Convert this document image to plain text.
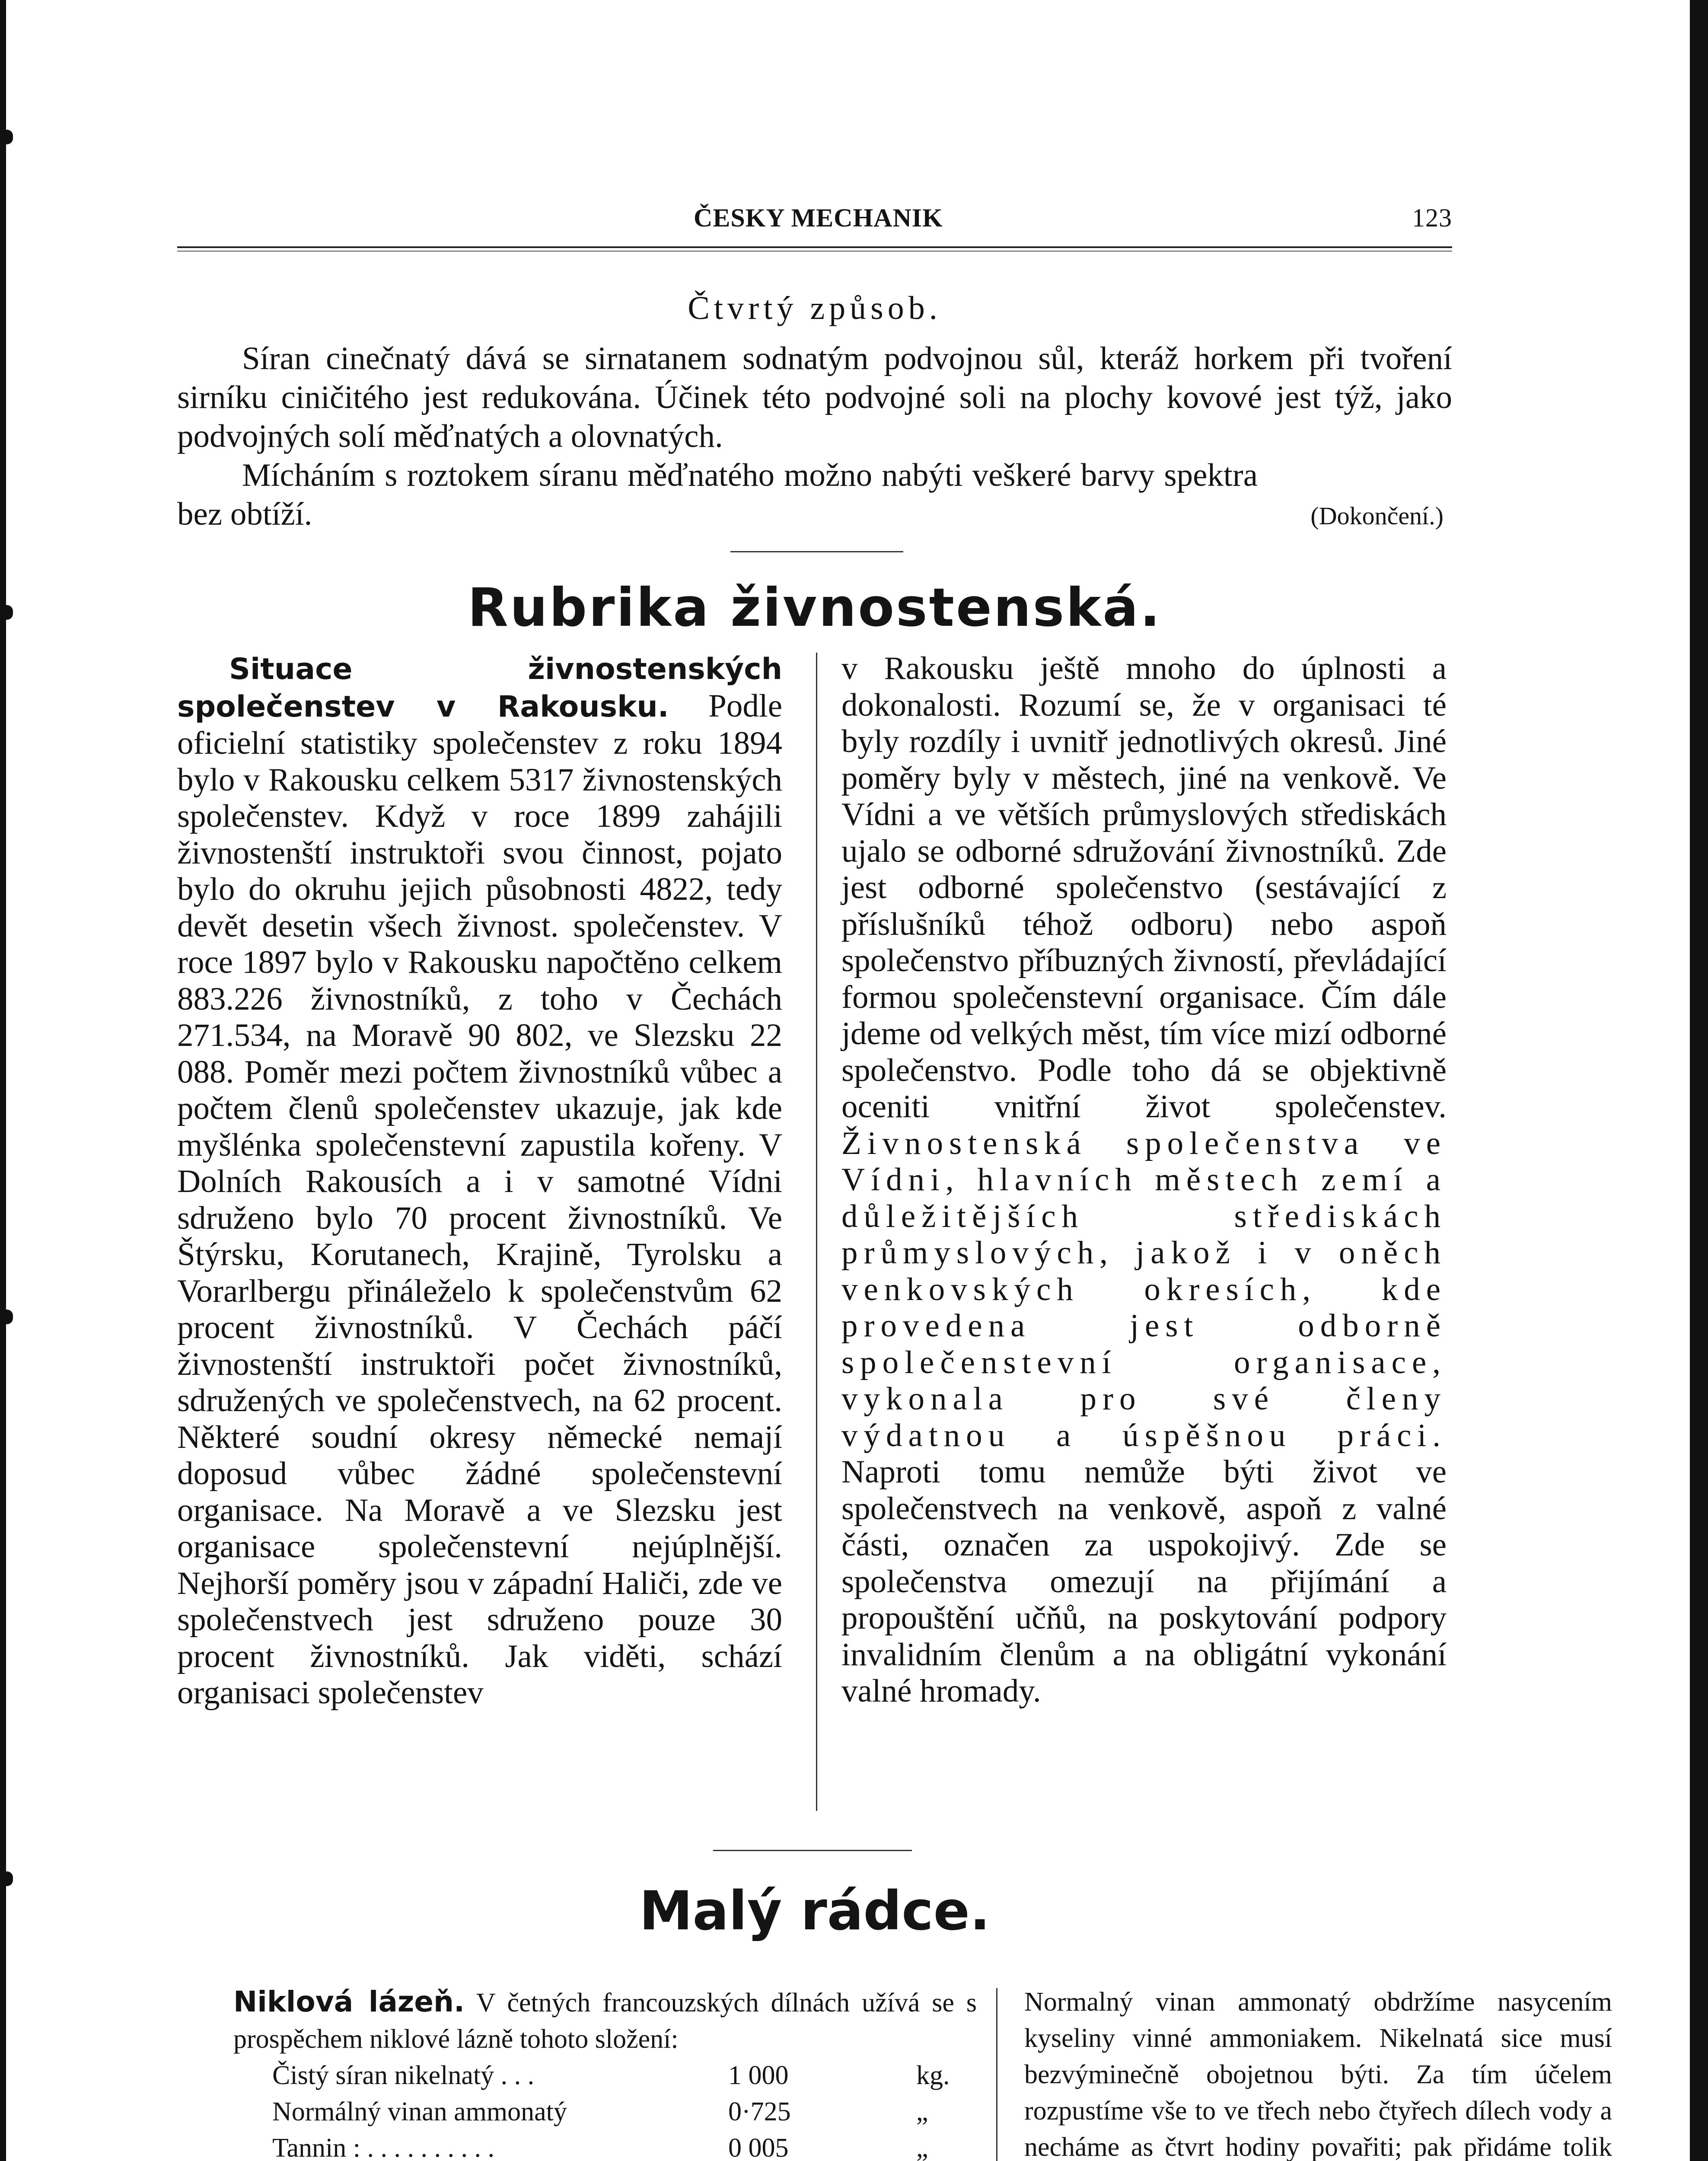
ČESKY MECHANIK	123
Čtvrtý způsob.
Síran cinečnatý dává se sirnatanem sodnatým podvojnou sůl, kteráž horkem při tvoření sirníku ciničitého jest redukována. Účinek této podvojné soli na plochy kovové jest týž, jako podvojných solí měďnatých a olovnatých.
Mícháním s roztokem síranu měďnatého možno nabýti veškeré barvy spektra bez obtíží.	(Dokončení.)
Rubrika živnostenská.

Situace živnostenských společenstev v Rakousku. Podle oficielní statistiky společenstev z roku 1894 bylo v Rakousku celkem 5317 živnostenských společenstev. Když v roce 1899 zahájili živnostenští instruktoři svou činnost, pojato bylo do okruhu jejich působnosti 4822, tedy devět desetin všech živnost. společenstev. V roce 1897 bylo v Rakousku napočtěno celkem 883.226 živnostníků, z toho v Čechách 271.534, na Moravě 90 802, ve Slezsku 22 088. Poměr mezi počtem živnostníků vůbec a počtem členů společenstev ukazuje, jak kde myšlénka společenstevní zapustila kořeny. V Dolních Rakousích a i v samotné Vídni sdruženo bylo 70 procent živnostníků. Ve Štýrsku, Korutanech, Krajině, Tyrolsku a Vorarlbergu přináleželo k společenstvům 62 procent živnostníků. V Čechách páčí živnostenští instruktoři počet živnostníků, sdružených ve společenstvech, na 62 procent. Některé soudní okresy německé nemají doposud vůbec žádné společenstevní organisace. Na Moravě a ve Slezsku jest organisace společenstevní nejúplnější. Nejhorší poměry jsou v západní Haliči, zde ve společenstvech jest sdruženo pouze 30 procent živnostníků. Jak viděti, schází organisaci společenstev

v Rakousku ještě mnoho do úplnosti a dokonalosti. Rozumí se, že v organisaci té byly rozdíly i uvnitř jednotlivých okresů. Jiné poměry byly v městech, jiné na venkově. Ve Vídni a ve větších průmyslových střediskách ujalo se odborné sdružování živnostníků. Zde jest odborné společenstvo (sestávající z příslušníků téhož odboru) nebo aspoň společenstvo příbuzných živností, převládající formou společenstevní organisace. Čím dále jdeme od velkých měst, tím více mizí odborné společenstvo. Podle toho dá se objektivně oceniti vnitřní život společenstev. Živnostenská společenstva ve Vídni, hlavních městech zemí a důležitějších střediskách průmyslových, jakož i v oněch venkovských okresích, kde provedena jest odborně společenstevní organisace, vykonala pro své členy výdatnou a úspěšnou práci. Naproti tomu nemůže býti život ve společenstvech na venkově, aspoň z valné části, označen za uspokojivý. Zde se společenstva omezují na přijímání a propouštění učňů, na poskytování podpory invalidním členům a na obligátní vykonání valné hromady.

Malý rádce.
Niklová lázeň. V četných francouzských dílnách užívá se s prospěchem niklové lázně tohoto složení:
Čistý síran nikelnatý . . .	1 000	kg.
Normálný vinan ammonatý	0·725	„
Tannin : . . . . . . . . . .	0 005	„
Normalný vinan ammonatý obdržíme nasycením kyseliny vinné ammoniakem. Nikelnatá sice musí bezvýminečně obojetnou býti. Za tím účelem rozpustíme vše to ve třech nebo čtyřech dílech vody a necháme as čtvrt hodiny povařiti; pak přidáme tolik
